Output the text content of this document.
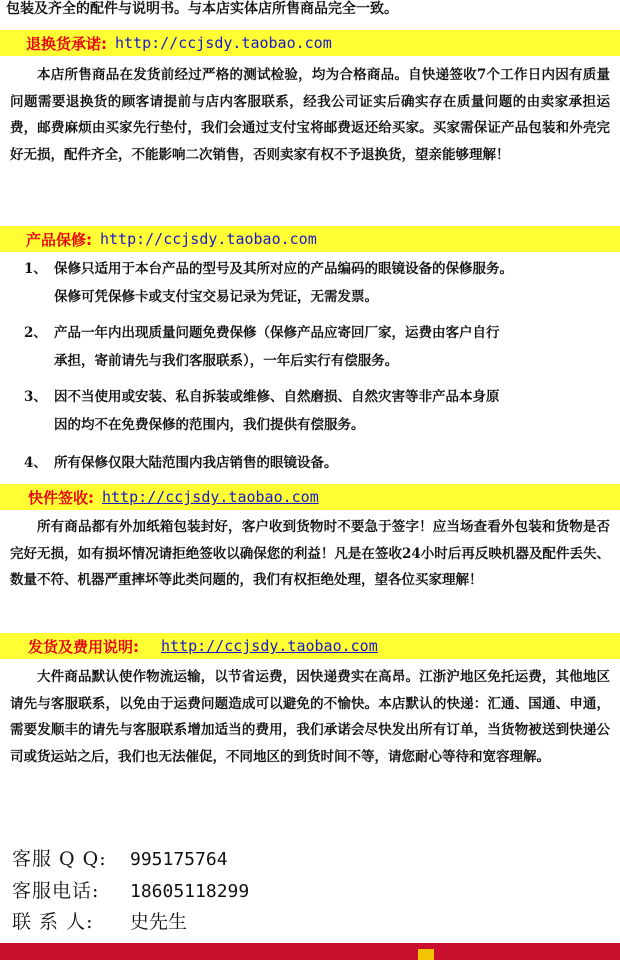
包装及齐全的配件与说明书。与本店实体店所售商品完全一致。
退换货承诺: http://ccjsdy.taobao.com
本店所售商品在发货前经过严格的测试检验，均为合格商品。自快递签收7个工作日内因有质量问题需要退换货的顾客请提前与店内客服联系，经我公司证实后确实存在质量问题的由卖家承担运费，邮费麻烦由买家先行垫付，我们会通过支付宝将邮费返还给买家。买家需保证产品包装和外壳完好无损，配件齐全，不能影响二次销售，否则卖家有权不予退换货，望亲能够理解！
产品保修: http://ccjsdy.taobao.com
1、 保修只适用于本台产品的型号及其所对应的产品编码的眼镜设备的保修服务。
保修可凭保修卡或支付宝交易记录为凭证，无需发票。
2、 产品一年内出现质量问题免费保修（保修产品应寄回厂家，运费由客户自行
承担，寄前请先与我们客服联系），一年后实行有偿服务。
3、 因不当使用或安装、私自拆装或维修、自然磨损、自然灾害等非产品本身原
因的均不在免费保修的范围内，我们提供有偿服务。
4、 所有保修仅限大陆范围内我店销售的眼镜设备。
快件签收: http://ccjsdy.taobao.com
所有商品都有外加纸箱包装封好，客户收到货物时不要急于签字！应当场查看外包装和货物是否完好无损，如有损坏情况请拒绝签收以确保您的利益！凡是在签收24小时后再反映机器及配件丢失、数量不符、机器严重摔坏等此类问题的，我们有权拒绝处理，望各位买家理解！
发货及费用说明: http://ccjsdy.taobao.com
大件商品默认使作物流运输，以节省运费，因快递费实在高昂。江浙沪地区免托运费，其他地区请先与客服联系，以免由于运费问题造成可以避免的不愉快。本店默认的快递：汇通、国通、申通，需要发顺丰的请先与客服联系增加适当的费用，我们承诺会尽快发出所有订单，当货物被送到快递公司或货运站之后，我们也无法催促，不同地区的到货时间不等，请您耐心等待和宽容理解。
客服 Q Q: 995175764
客服电话: 18605118299
联 系 人: 史先生
